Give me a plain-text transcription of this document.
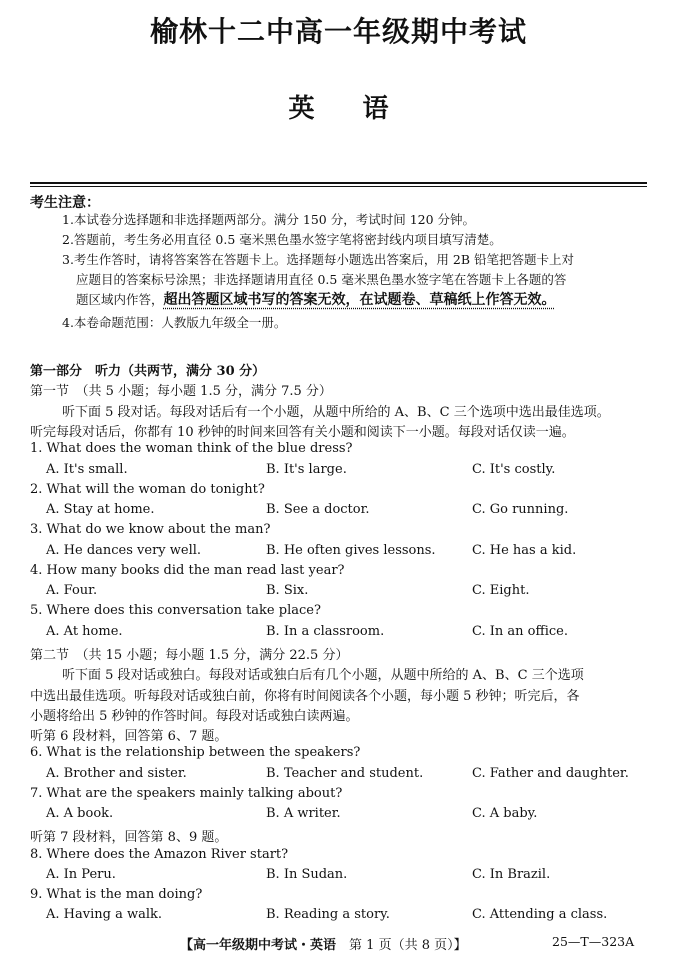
榆林十二中高一年级期中考试
英语
考生注意：
1.本试卷分选择题和非选择题两部分。满分 150 分，考试时间 120 分钟。
2.答题前，考生务必用直径 0.5 毫米黑色墨水签字笔将密封线内项目填写清楚。
3.考生作答时，请将答案答在答题卡上。选择题每小题选出答案后，用 2B 铅笔把答题卡上对
应题目的答案标号涂黑；非选择题请用直径 0.5 毫米黑色墨水签字笔在答题卡上各题的答
题区域内作答，超出答题区域书写的答案无效，在试题卷、草稿纸上作答无效。
4.本卷命题范围：人教版九年级全一册。
第一部分　听力（共两节，满分 30 分）
第一节　（共 5 小题；每小题 1.5 分，满分 7.5 分）
听下面 5 段对话。每段对话后有一个小题，从题中所给的 A、B、C 三个选项中选出最佳选项。
听完每段对话后，你都有 10 秒钟的时间来回答有关小题和阅读下一小题。每段对话仅读一遍。
1. What does the woman think of the blue dress?
A. It's small.	B. It's large.	C. It's costly.
2. What will the woman do tonight?
A. Stay at home.	B. See a doctor.	C. Go running.
3. What do we know about the man?
A. He dances very well.	B. He often gives lessons.	C. He has a kid.
4. How many books did the man read last year?
A. Four.	B. Six.	C. Eight.
5. Where does this conversation take place?
A. At home.	B. In a classroom.	C. In an office.
第二节　（共 15 小题；每小题 1.5 分，满分 22.5 分）
听下面 5 段对话或独白。每段对话或独白后有几个小题，从题中所给的 A、B、C 三个选项
中选出最佳选项。听每段对话或独白前，你将有时间阅读各个小题，每小题 5 秒钟；听完后，各
小题将给出 5 秒钟的作答时间。每段对话或独白读两遍。
听第 6 段材料，回答第 6、7 题。
6. What is the relationship between the speakers?
A. Brother and sister.	B. Teacher and student.	C. Father and daughter.
7. What are the speakers mainly talking about?
A. A book.	B. A writer.	C. A baby.
听第 7 段材料，回答第 8、9 题。
8. Where does the Amazon River start?
A. In Peru.	B. In Sudan.	C. In Brazil.
9. What is the man doing?
A. Having a walk.	B. Reading a story.	C. Attending a class.
【高一年级期中考试・英语　 第 1 页（共 8 页）】	25—T—323A
